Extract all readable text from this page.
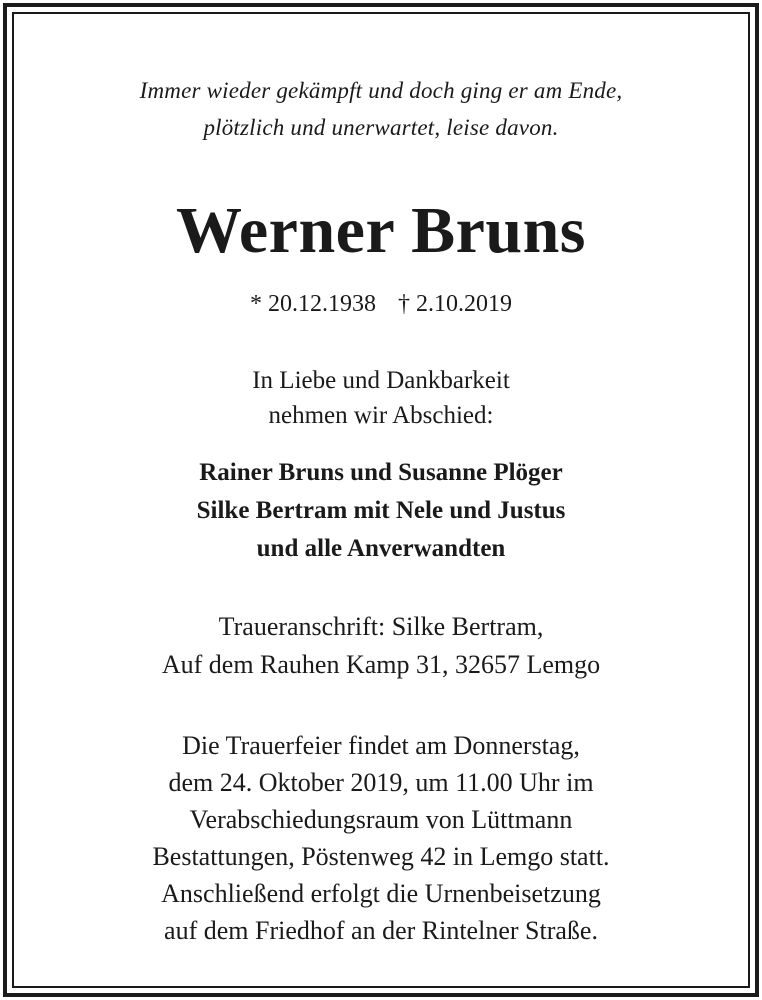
Immer wieder gekämpft und doch ging er am Ende,
plötzlich und unerwartet, leise davon.
Werner Bruns
* 20.12.1938 † 2.10.2019
In Liebe und Dankbarkeit
nehmen wir Abschied:
Rainer Bruns und Susanne Plöger
Silke Bertram mit Nele und Justus
und alle Anverwandten
Traueranschrift: Silke Bertram,
Auf dem Rauhen Kamp 31, 32657 Lemgo
Die Trauerfeier findet am Donnerstag,
dem 24. Oktober 2019, um 11.00 Uhr im
Verabschiedungsraum von Lüttmann
Bestattungen, Pöstenweg 42 in Lemgo statt.
Anschließend erfolgt die Urnenbeisetzung
auf dem Friedhof an der Rintelner Straße.
